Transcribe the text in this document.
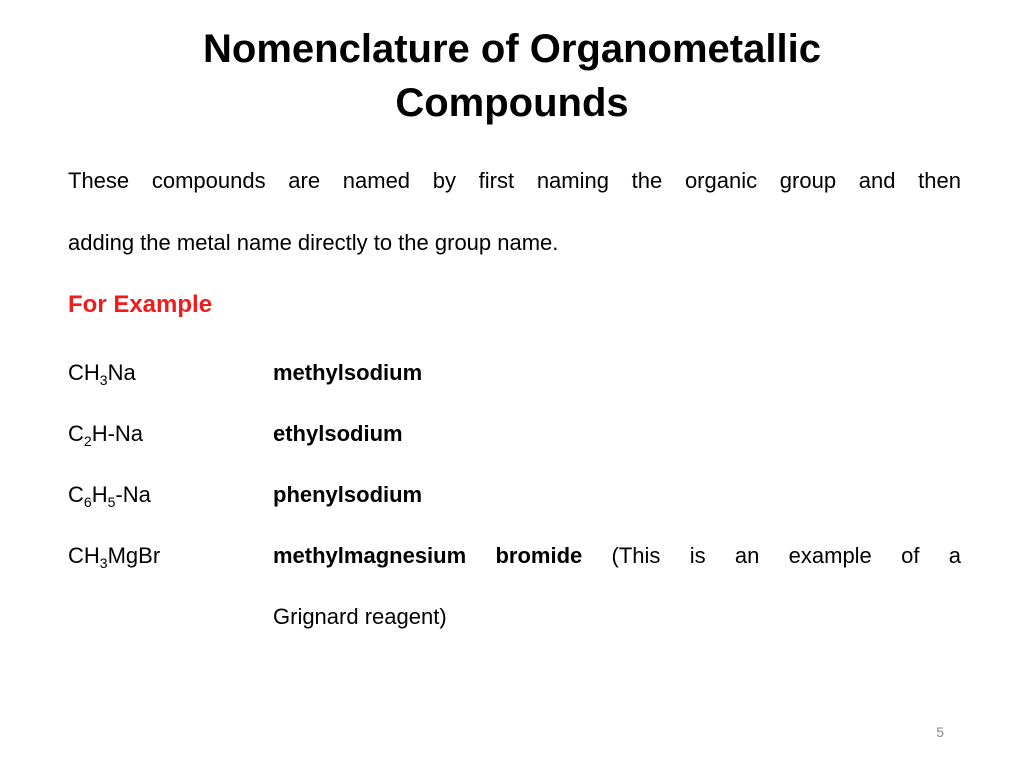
Nomenclature of Organometallic
Compounds
These compounds are named by first naming the organic group and then
adding the metal name directly to the group name.

For Example

$CH_3Na$	methylsodium
$C_2H-Na$	ethylsodium
$C_6H_5-Na$	phenylsodium
$CH_3MgBr$	methylmagnesium bromide (This is an example of a
Grignard reagent)
5
